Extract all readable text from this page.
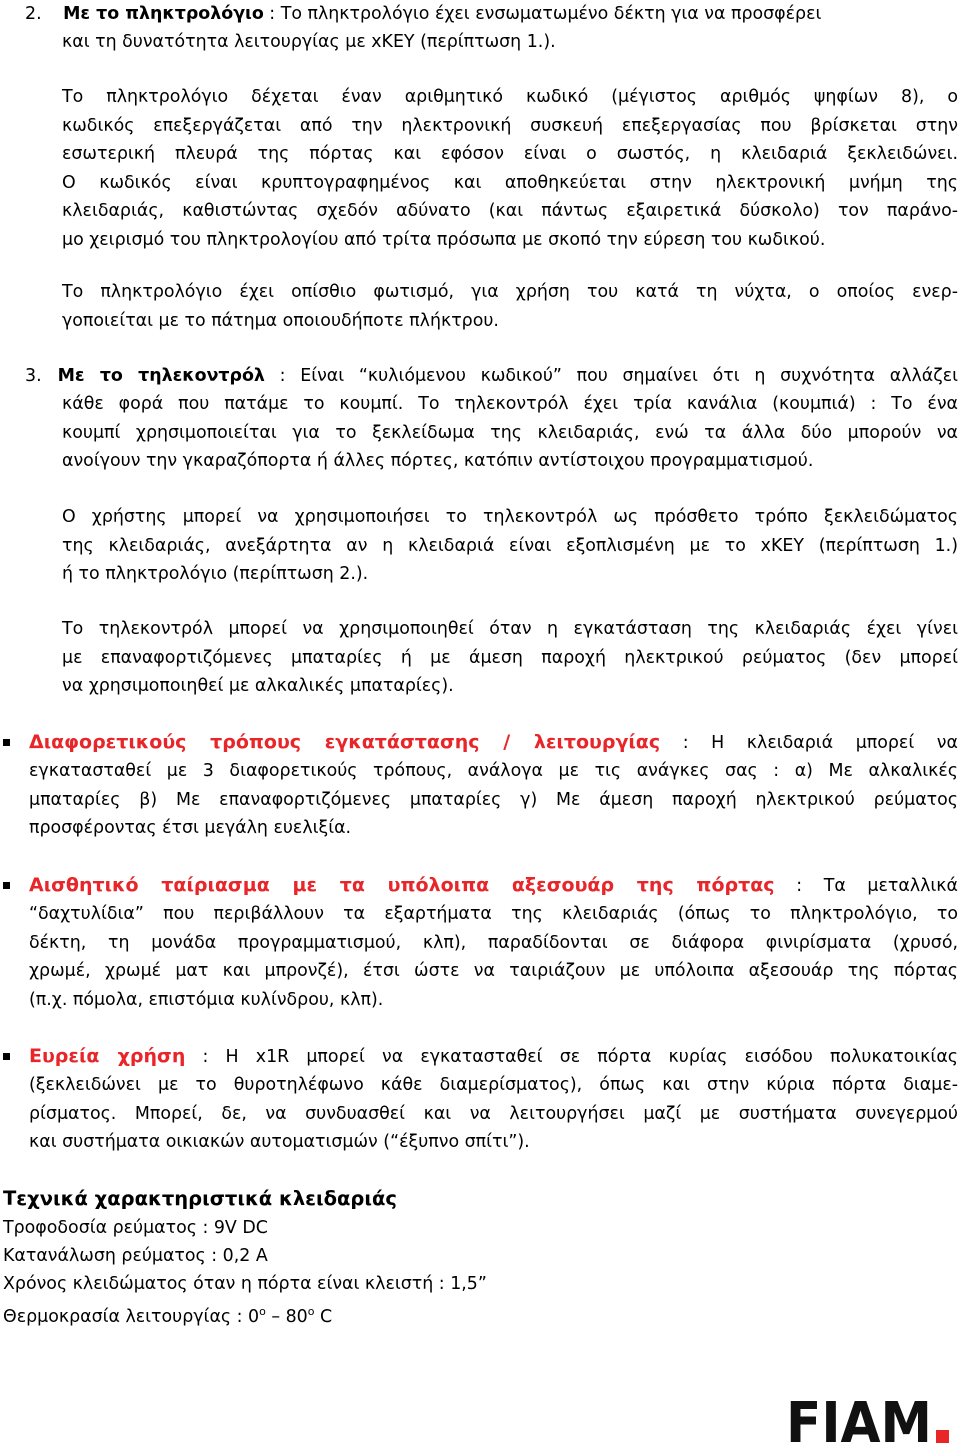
2. Με το πληκτρολόγιο : Το πληκτρολόγιο έχει ενσωματωμένο δέκτη για να προσφέρει
και τη δυνατότητα λειτουργίας με xKEY (περίπτωση 1.).
Το πληκτρολόγιο δέχεται έναν αριθμητικό κωδικό (μέγιστος αριθμός ψηφίων 8), ο
κωδικός επεξεργάζεται από την ηλεκτρονική συσκευή επεξεργασίας που βρίσκεται στην
εσωτερική πλευρά της πόρτας και εφόσον είναι ο σωστός, η κλειδαριά ξεκλειδώνει.
Ο κωδικός είναι κρυπτογραφημένος και αποθηκεύεται στην ηλεκτρονική μνήμη της
κλειδαριάς, καθιστώντας σχεδόν αδύνατο (και πάντως εξαιρετικά δύσκολο) τον παράνο-
μο χειρισμό του πληκτρολογίου από τρίτα πρόσωπα με σκοπό την εύρεση του κωδικού.
Το πληκτρολόγιο έχει οπίσθιο φωτισμό, για χρήση του κατά τη νύχτα, ο οποίος ενερ-
γοποιείται με το πάτημα οποιουδήποτε πλήκτρου.
3. Με το τηλεκοντρόλ : Είναι “κυλιόμενου κωδικού” που σημαίνει ότι η συχνότητα αλλάζει
κάθε φορά που πατάμε το κουμπί. Το τηλεκοντρόλ έχει τρία κανάλια (κουμπιά) : Το ένα
κουμπί χρησιμοποιείται για το ξεκλείδωμα της κλειδαριάς, ενώ τα άλλα δύο μπορούν να
ανοίγουν την γκαραζόπορτα ή άλλες πόρτες, κατόπιν αντίστοιχου προγραμματισμού.
Ο χρήστης μπορεί να χρησιμοποιήσει το τηλεκοντρόλ ως πρόσθετο τρόπο ξεκλειδώματος
της κλειδαριάς, ανεξάρτητα αν η κλειδαριά είναι εξοπλισμένη με το xKEY (περίπτωση 1.)
ή το πληκτρολόγιο (περίπτωση 2.).
Το τηλεκοντρόλ μπορεί να χρησιμοποιηθεί όταν η εγκατάσταση της κλειδαριάς έχει γίνει
με επαναφορτιζόμενες μπαταρίες ή με άμεση παροχή ηλεκτρικού ρεύματος (δεν μπορεί
να χρησιμοποιηθεί με αλκαλικές μπαταρίες).
Διαφορετικούς τρόπους εγκατάστασης / λειτουργίας : Η κλειδαριά μπορεί να
εγκατασταθεί με 3 διαφορετικούς τρόπους, ανάλογα με τις ανάγκες σας : α) Με αλκαλικές
μπαταρίες β) Με επαναφορτιζόμενες μπαταρίες γ) Με άμεση παροχή ηλεκτρικού ρεύματος
προσφέροντας έτσι μεγάλη ευελιξία.
Αισθητικό ταίριασμα με τα υπόλοιπα αξεσουάρ της πόρτας : Τα μεταλλικά
“δαχτυλίδια” που περιβάλλουν τα εξαρτήματα της κλειδαριάς (όπως το πληκτρολόγιο, το
δέκτη, τη μονάδα προγραμματισμού, κλπ), παραδίδονται σε διάφορα φινιρίσματα (χρυσό,
χρωμέ, χρωμέ ματ και μπρονζέ), έτσι ώστε να ταιριάζουν με υπόλοιπα αξεσουάρ της πόρτας
(π.χ. πόμολα, επιστόμια κυλίνδρου, κλπ).
Ευρεία χρήση : Η x1R μπορεί να εγκατασταθεί σε πόρτα κυρίας εισόδου πολυκατοικίας
(ξεκλειδώνει με το θυροτηλέφωνο κάθε διαμερίσματος), όπως και στην κύρια πόρτα διαμε-
ρίσματος. Μπορεί, δε, να συνδυασθεί και να λειτουργήσει μαζί με συστήματα συνεγερμού
και συστήματα οικιακών αυτοματισμών (“έξυπνο σπίτι”).
Τεχνικά χαρακτηριστικά κλειδαριάς
Τροφοδοσία ρεύματος : 9V DC
Κατανάλωση ρεύματος : 0,2 A
Χρόνος κλειδώματος όταν η πόρτα είναι κλειστή : 1,5”
Θερμοκρασία λειτουργίας : 0$^o$ – 80$^o$ C
FIAM
